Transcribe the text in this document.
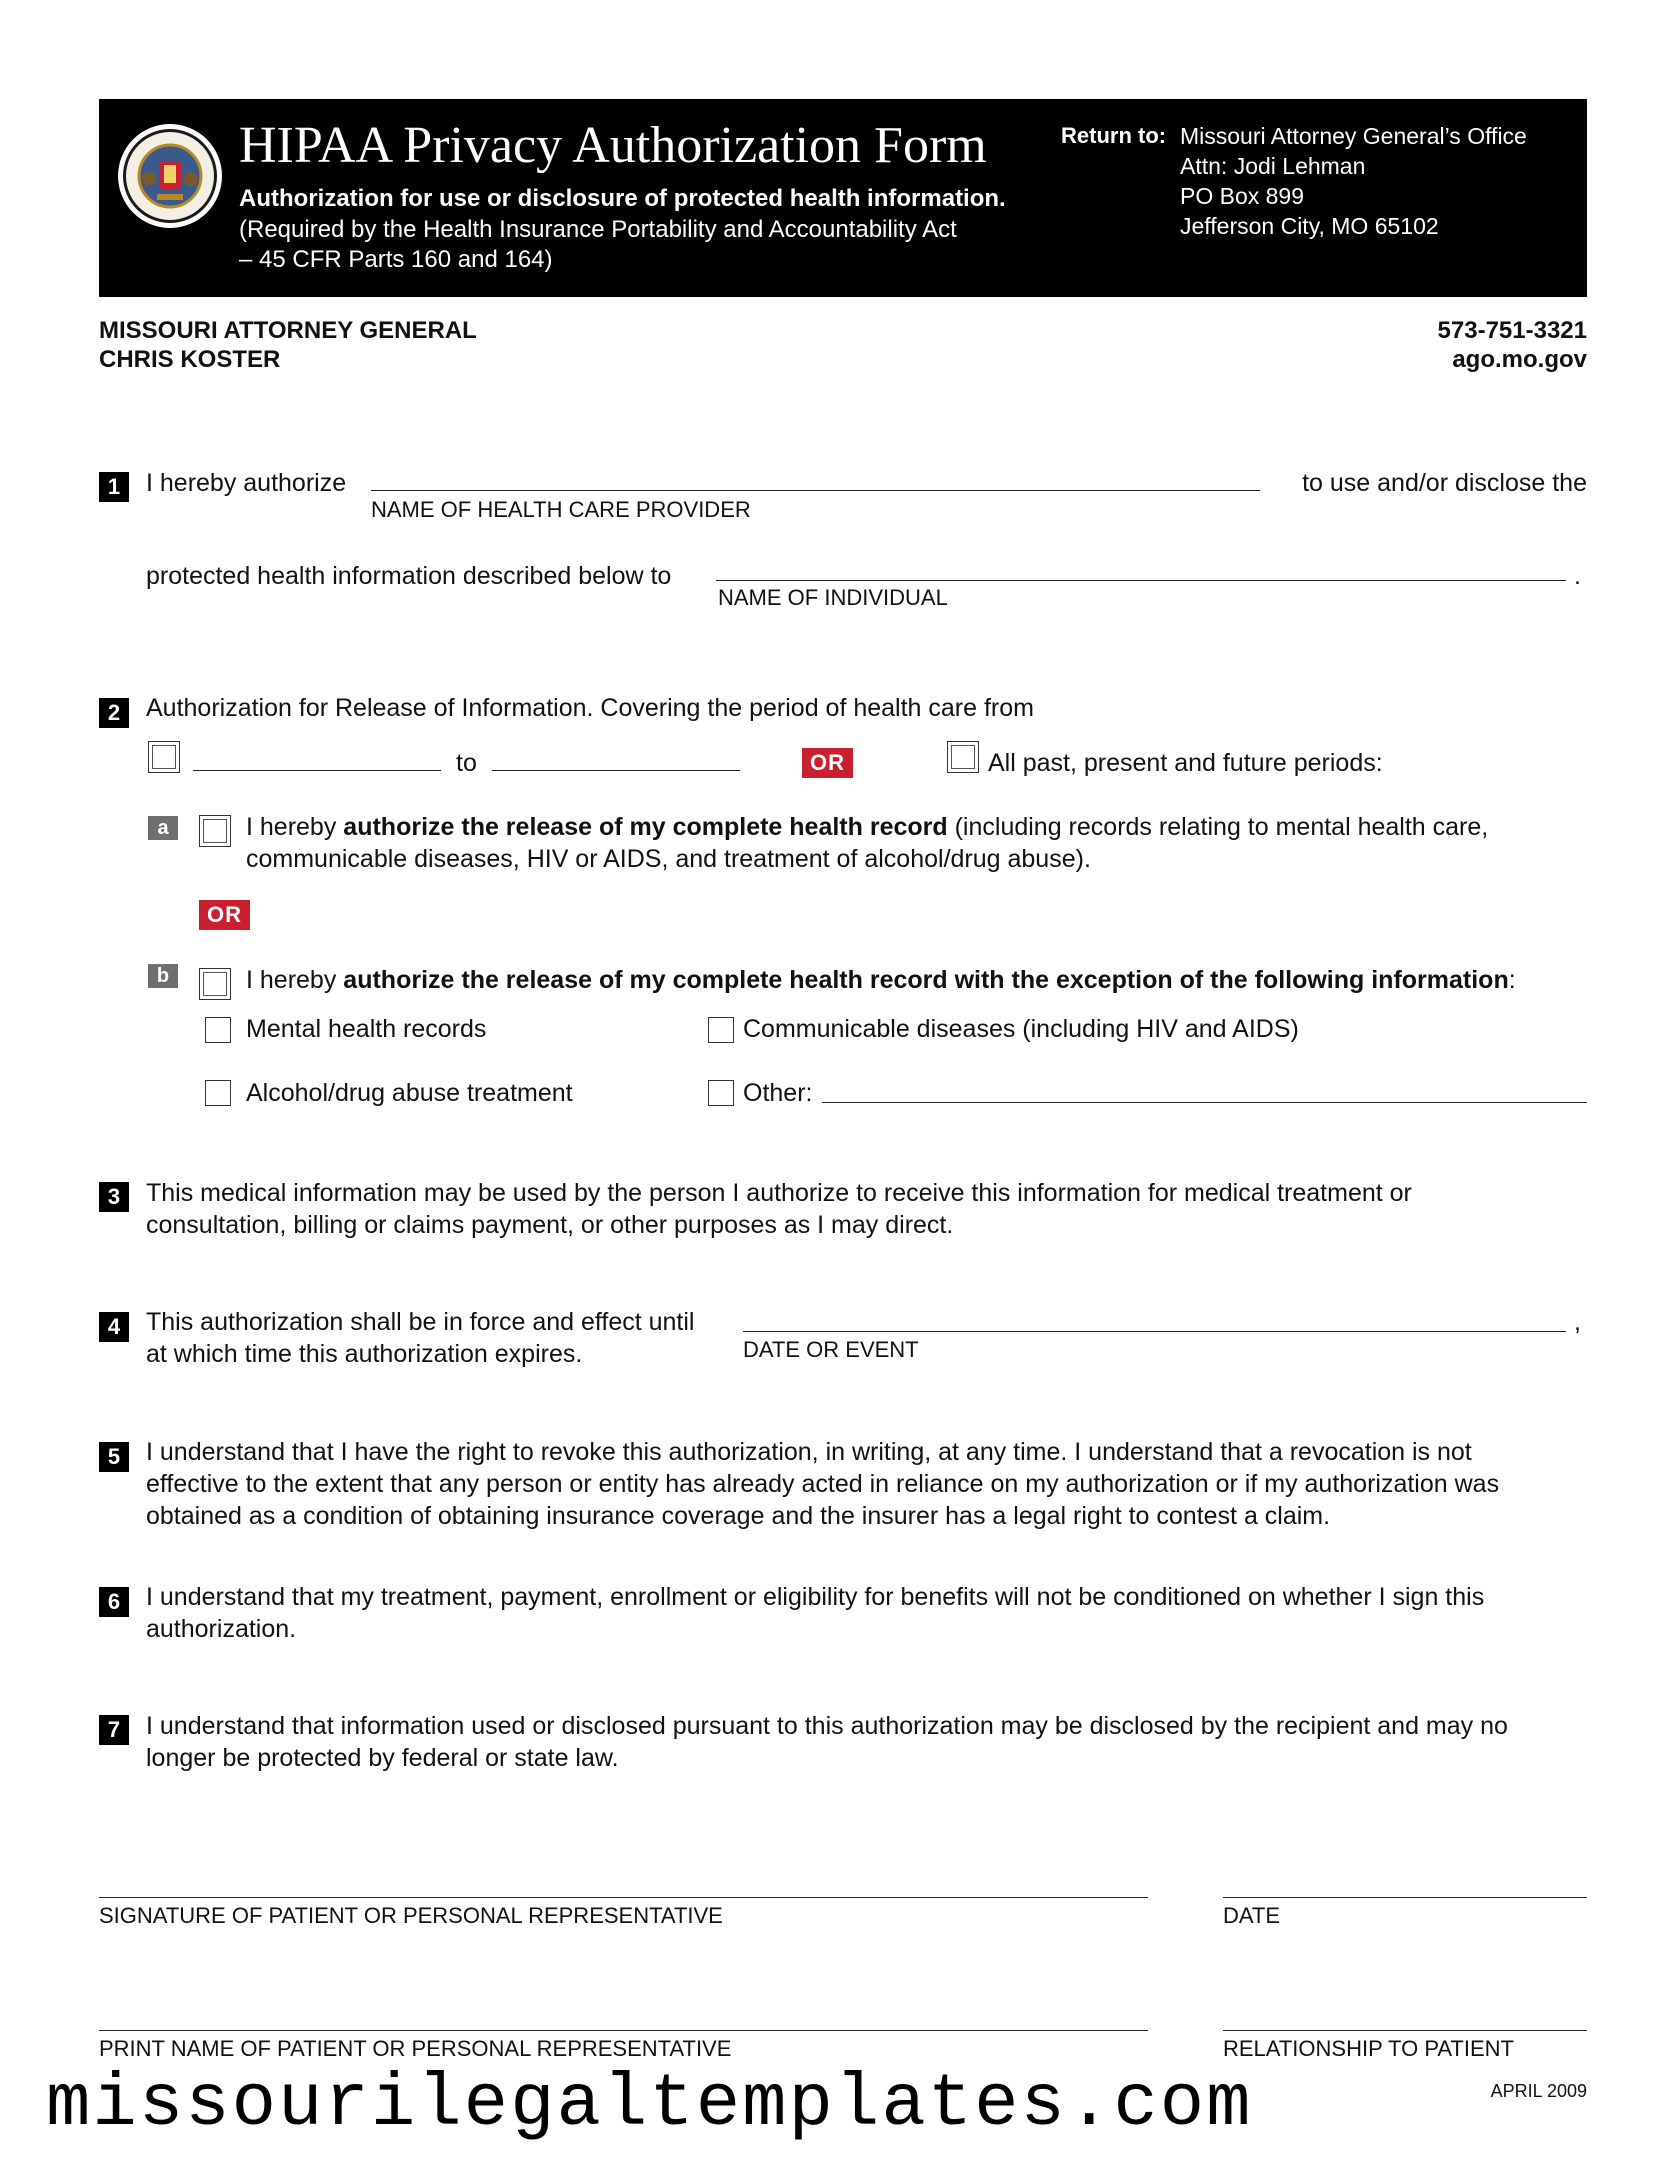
HIPAA Privacy Authorization Form
Authorization for use or disclosure of protected health information.
(Required by the Health Insurance Portability and Accountability Act
– 45 CFR Parts 160 and 164)
Return to: Missouri Attorney General’s Office
Attn: Jodi Lehman
PO Box 899
Jefferson City, MO 65102
MISSOURI ATTORNEY GENERAL
CHRIS KOSTER
573-751-3321
ago.mo.gov
1	I hereby authorize	to use and/or disclose the
NAME OF HEALTH CARE PROVIDER
protected health information described below to	.
NAME OF INDIVIDUAL
2	Authorization for Release of Information. Covering the period of health care from
to	OR	All past, present and future periods:
a	I hereby authorize the release of my complete health record (including records relating to mental health care,
communicable diseases, HIV or AIDS, and treatment of alcohol/drug abuse).
OR
b	I hereby authorize the release of my complete health record with the exception of the following information:
Mental health records	Communicable diseases (including HIV and AIDS)
Alcohol/drug abuse treatment	Other:
3	This medical information may be used by the person I authorize to receive this information for medical treatment or
consultation, billing or claims payment, or other purposes as I may direct.
4	This authorization shall be in force and effect until
at which time this authorization expires.
,
DATE OR EVENT
5	I understand that I have the right to revoke this authorization, in writing, at any time. I understand that a revocation is not
effective to the extent that any person or entity has already acted in reliance on my authorization or if my authorization was
obtained as a condition of obtaining insurance coverage and the insurer has a legal right to contest a claim.
6	I understand that my treatment, payment, enrollment or eligibility for benefits will not be conditioned on whether I sign this
authorization.
7	I understand that information used or disclosed pursuant to this authorization may be disclosed by the recipient and may no
longer be protected by federal or state law.
SIGNATURE OF PATIENT OR PERSONAL REPRESENTATIVE	DATE
PRINT NAME OF PATIENT OR PERSONAL REPRESENTATIVE	RELATIONSHIP TO PATIENT
APRIL 2009
missourilegaltemplates.com
